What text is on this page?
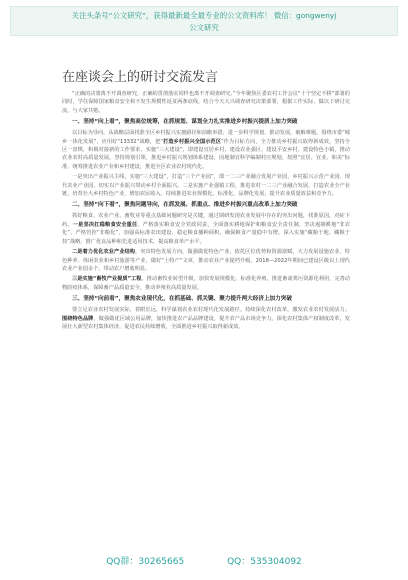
关注头条号“公文研究”，获得最新最全最专业的公文资料库！ 微信：gongwenyj
公文研究
在座谈会上的研讨交流发言

“正确的决策离不开调查研究，正确的贯彻落实同样也离不开调查研究。”今年聚焦区委农村工作会议“十个坚定不移”部署的同时，学住保障国家粮食安全和不发生规模性返贫两条底线，结合今天大兴调查研究决策部署，根据工作实际，做以下研讨交流，与大家共勉。

一、坚持“向上看”，聚焦高位统筹，在抓规划、谋划全力扎实推进乡村振兴提质上加力突破

以目标为导向，从战略层面找准全区乡村振兴实施路径和前瞻举措，进一步科学规划、推动发展。破解难题，围绕市委“城乡一体化发展”、应用好“13332”战略，把“打造乡村振兴全国示范区”作为目标方向，全力推动乡村振兴取得新成效。坚持全区一盘棋，积极对接新的工作要求，实施“三大建设”，即建设宜居乡村、建设农业强区、建设平安乡村，建设特色小镇，推动农业农村高质量发展。坚持规划引领，推进乡村振兴规划体系建设，因地制宜科学编制村庄规划，按照“宜居、宜业、和美”标准，统筹推进农业产业和乡村建设，推进全区农业农村现代化。

一是突出产业振兴主线，实施“三大建设”，打造“三个产业园”，即一二三产业融合发展产业园、乡村振兴示范产业园、现代农业产业园，切实以产业振兴带动乡村全面振兴。二是实施产业强镇工程，推进农村一二三产业融合发展，打造农业全产业链，培育壮大乡村特色产业，增加农民收入。持续推进农业规模化、标准化、品牌化发展，提升农业质量效益和竞争力。

二、坚持“向下看”，聚焦问题导向，在抓发展、抓重点、推进乡村振兴重点改革上加力突破

抓好粮食、农业产业、畜牧业等重点基础问题研究是关键，通过调研发现农业发展中存在的突出问题，找准原因，对症下药。一是坚决扛稳粮食安全重任。严格落实粮食安全党政同责，全面落实耕地保护和粮食安全责任制，坚决遏制耕地“非农化”、严格管控“非粮化”，加强高标准农田建设，稳定粮食播种面积，确保粮食产量稳中有增。深入实施“藏粮于地、藏粮于技”战略，推广优良品种和先进适用技术，提高粮食单产水平。

二是着力优化农业产业结构。突出特色发展方向，做强做优特色产业，依托区位优势和资源禀赋，大力发展设施农业、特色种养、休闲农业和乡村旅游等产业，做好“土特产”文章，推动农业产业提档升级。2018—2022年期间已建设区级以上现代农业产业园多个，带动农户增收明显。

三是实施“畜牧产业提质”工程。推动畜牧业转型升级，加快发展规模化、标准化养殖，推进畜禽粪污资源化利用，完善动物防疫体系，保障畜产品质量安全，推动养殖业高质量发展。

三、坚持“向前看”，聚焦农业现代化，在抓基础、抓关键、聚力提升两大经济上加力突破

要立足农业农村发展实际，着眼长远，科学谋划农业农村现代化发展路径。持续深化农村改革，激发农业农村发展活力。围绕特色品牌，做强做优区域公用品牌，加快推进农产品品牌建设，提升农产品市场竞争力。深化农村集体产权制度改革，发展壮大新型农村集体经济，促进农民持续增收，全面推进乡村振兴取得新成效。

QQ群：30265665	QQ：535304092
